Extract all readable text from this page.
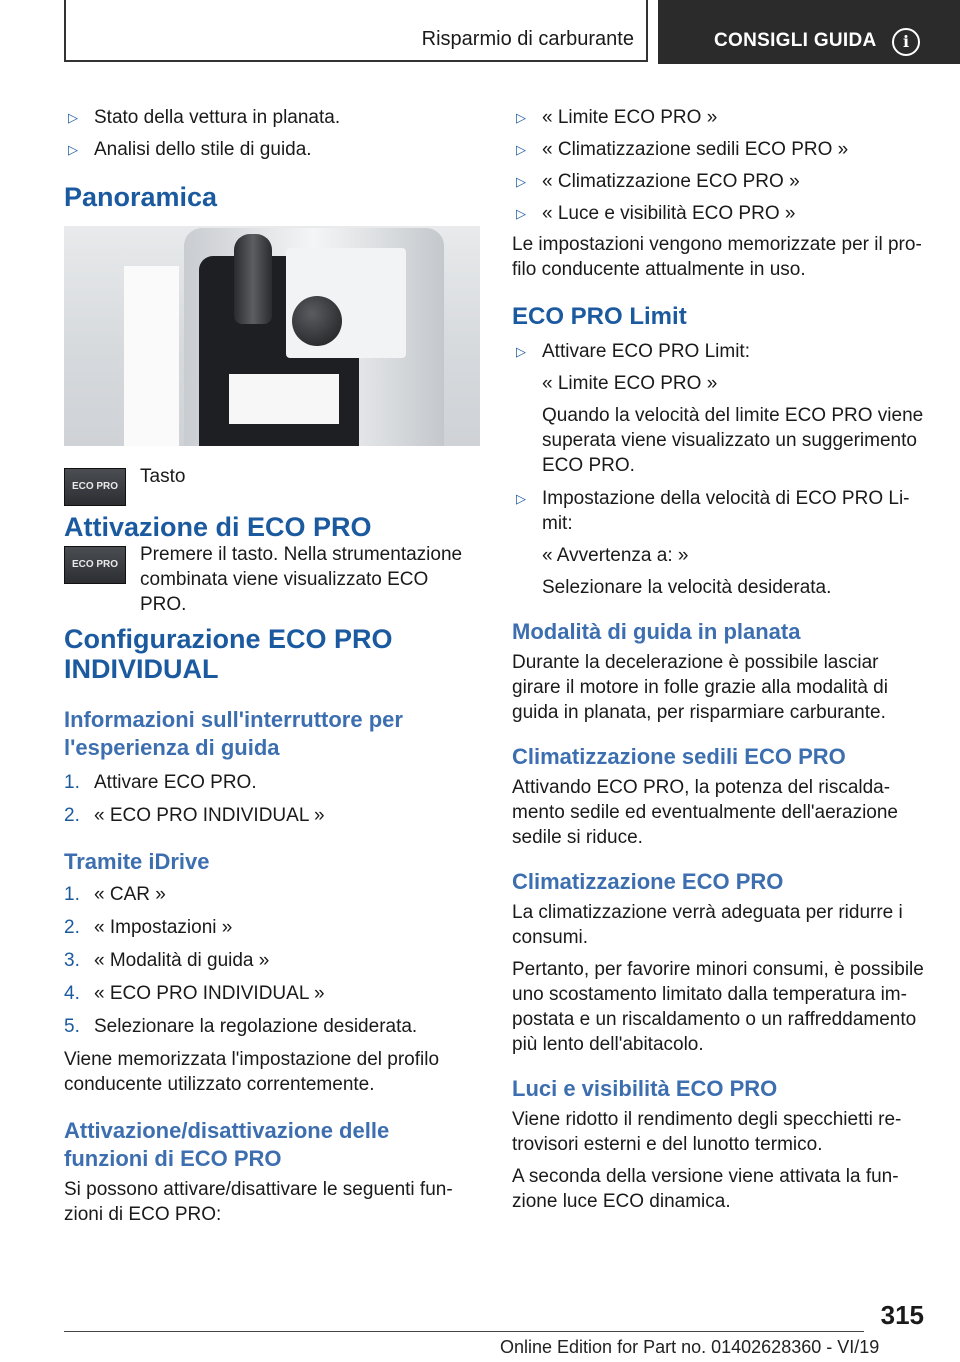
Risparmio di carburante	CONSIGLI GUIDA	i
▷ Stato della vettura in planata.
▷ Analisi dello stile di guida.
Panoramica
ECO PRO	Tasto
Attivazione di ECO PRO
ECO PRO	Premere il tasto. Nella strumentazione combinata viene visualizzato ECO PRO.

Configurazione ECO PRO INDIVIDUAL
Informazioni sull'interruttore per l'esperienza di guida
1. Attivare ECO PRO.
2. « ECO PRO INDIVIDUAL »
Tramite iDrive
1. « CAR »
2. « Impostazioni »
3. « Modalità di guida »
4. « ECO PRO INDIVIDUAL »
5. Selezionare la regolazione desiderata.

Viene memorizzata l'impostazione del profilo conducente utilizzato correntemente.

Attivazione/disattivazione delle funzioni di ECO PRO

Si possono attivare/disattivare le seguenti funzioni di ECO PRO:

▷ « Limite ECO PRO »
▷ « Climatizzazione sedili ECO PRO »
▷ « Climatizzazione ECO PRO »
▷ « Luce e visibilità ECO PRO »

Le impostazioni vengono memorizzate per il profilo conducente attualmente in uso.

ECO PRO Limit
▷ Attivare ECO PRO Limit:

« Limite ECO PRO »

Quando la velocità del limite ECO PRO viene superata viene visualizzato un suggerimento ECO PRO.

▷ Impostazione della velocità di ECO PRO Limit:

« Avvertenza a: »

Selezionare la velocità desiderata.

Modalità di guida in planata

Durante la decelerazione è possibile lasciar girare il motore in folle grazie alla modalità di guida in planata, per risparmiare carburante.

Climatizzazione sedili ECO PRO

Attivando ECO PRO, la potenza del riscaldamento sedile ed eventualmente dell'aerazione sedile si riduce.

Climatizzazione ECO PRO

La climatizzazione verrà adeguata per ridurre i consumi.

Pertanto, per favorire minori consumi, è possibile uno scostamento limitato dalla temperatura impostata e un riscaldamento o un raffreddamento più lento dell'abitacolo.

Luci e visibilità ECO PRO

Viene ridotto il rendimento degli specchietti retrovisori esterni e del lunotto termico.

A seconda della versione viene attivata la funzione luce ECO dinamica.

315
Online Edition for Part no. 01402628360 - VI/19
